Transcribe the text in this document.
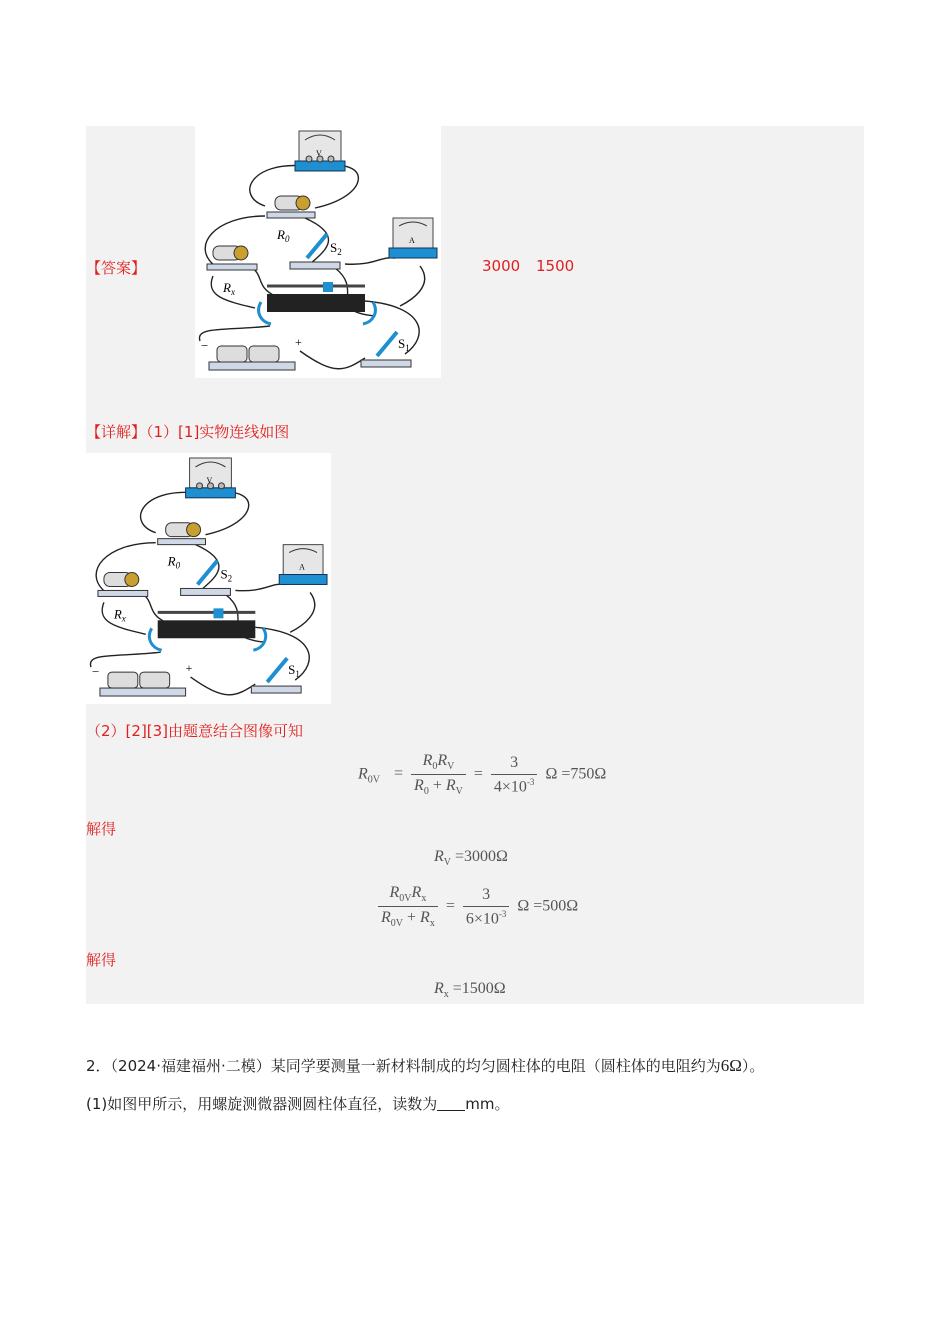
【答案】	3000 1500
V
$R_0$
$R_x$
$S_2$
A
−	+	$S_1$
【详解】（1）[1]实物连线如图
V
$R_0$
$R_x$
$S_2$
A
−	+	$S_1$
（2）[2][3]由题意结合图像可知
$R_{0V} = \frac{R_0R_V}{R_0 + R_V} = \frac{3}{4\times 10^{-3}}$ Ω =750Ω
解得
$R_V =3000\Omega$
$\frac{R_{0V}R_x}{R_{0V} + R_x} = \frac{3}{6\times 10^{-3}}$ Ω =500Ω
解得
$R_x =1500\Omega$
2．（2024·福建福州·二模）某同学要测量一新材料制成的均匀圆柱体的电阻（圆柱体的电阻约为6Ω）。
(1)如图甲所示，用螺旋测微器测圆柱体直径，读数为 mm。
